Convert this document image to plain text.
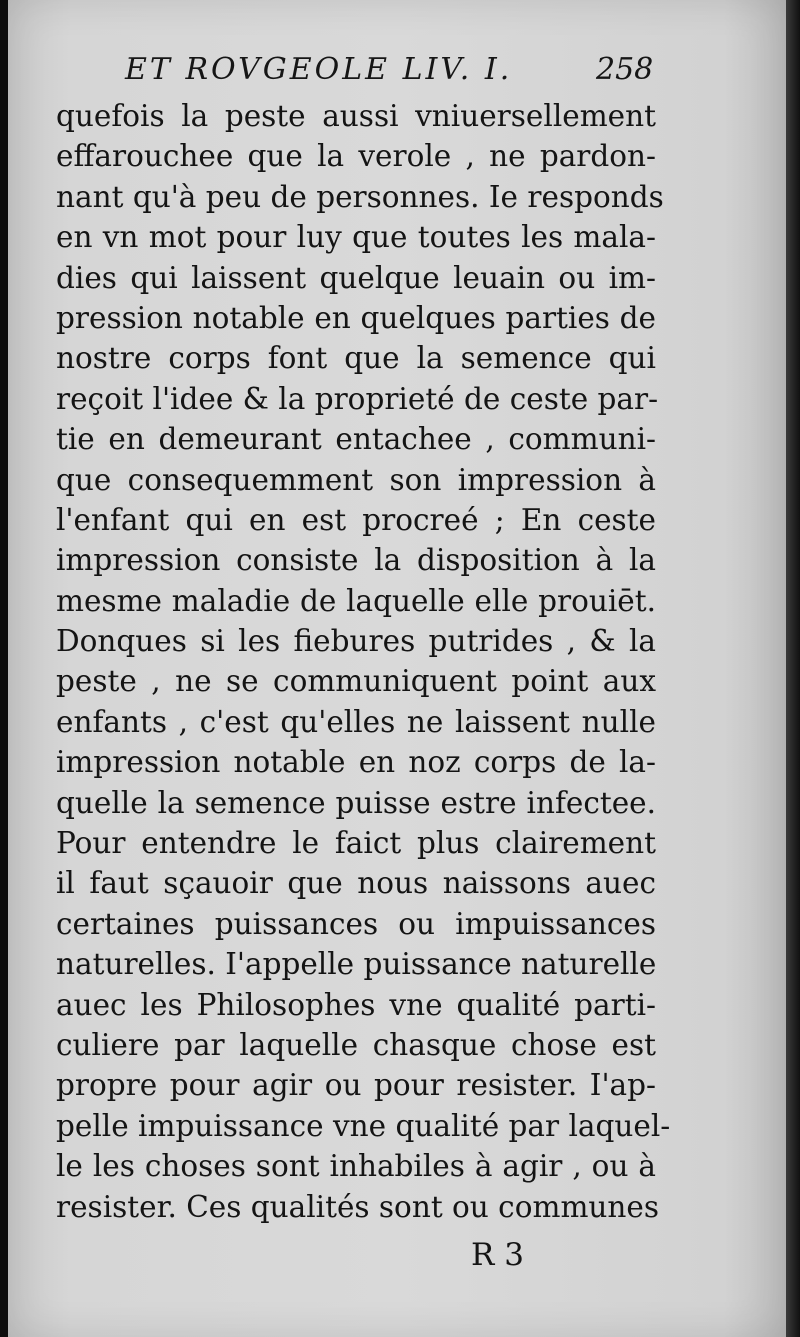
ET ROVGEOLE LIV. I.	258
quefois la peste aussi vniuersellement
effarouchee que la verole , ne pardon-
nant qu'à peu de personnes. Ie responds
en vn mot pour luy que toutes les mala-
dies qui laissent quelque leuain ou im-
pression notable en quelques parties de
nostre corps font que la semence qui
reçoit l'idee & la proprieté de ceste par-
tie en demeurant entachee , communi-
que consequemment son impression à
l'enfant qui en est procreé ; En ceste
impression consiste la disposition à la
mesme maladie de laquelle elle prouiēt.
Donques si les fiebures putrides , & la
peste , ne se communiquent point aux
enfants , c'est qu'elles ne laissent nulle
impression notable en noz corps de la-
quelle la semence puisse estre infectee.
Pour entendre le faict plus clairement
il faut sçauoir que nous naissons auec
certaines puissances ou impuissances
naturelles. I'appelle puissance naturelle
auec les Philosophes vne qualité parti-
culiere par laquelle chasque chose est
propre pour agir ou pour resister. I'ap-
pelle impuissance vne qualité par laquel-
le les choses sont inhabiles à agir , ou à
resister. Ces qualités sont ou communes
R 3
